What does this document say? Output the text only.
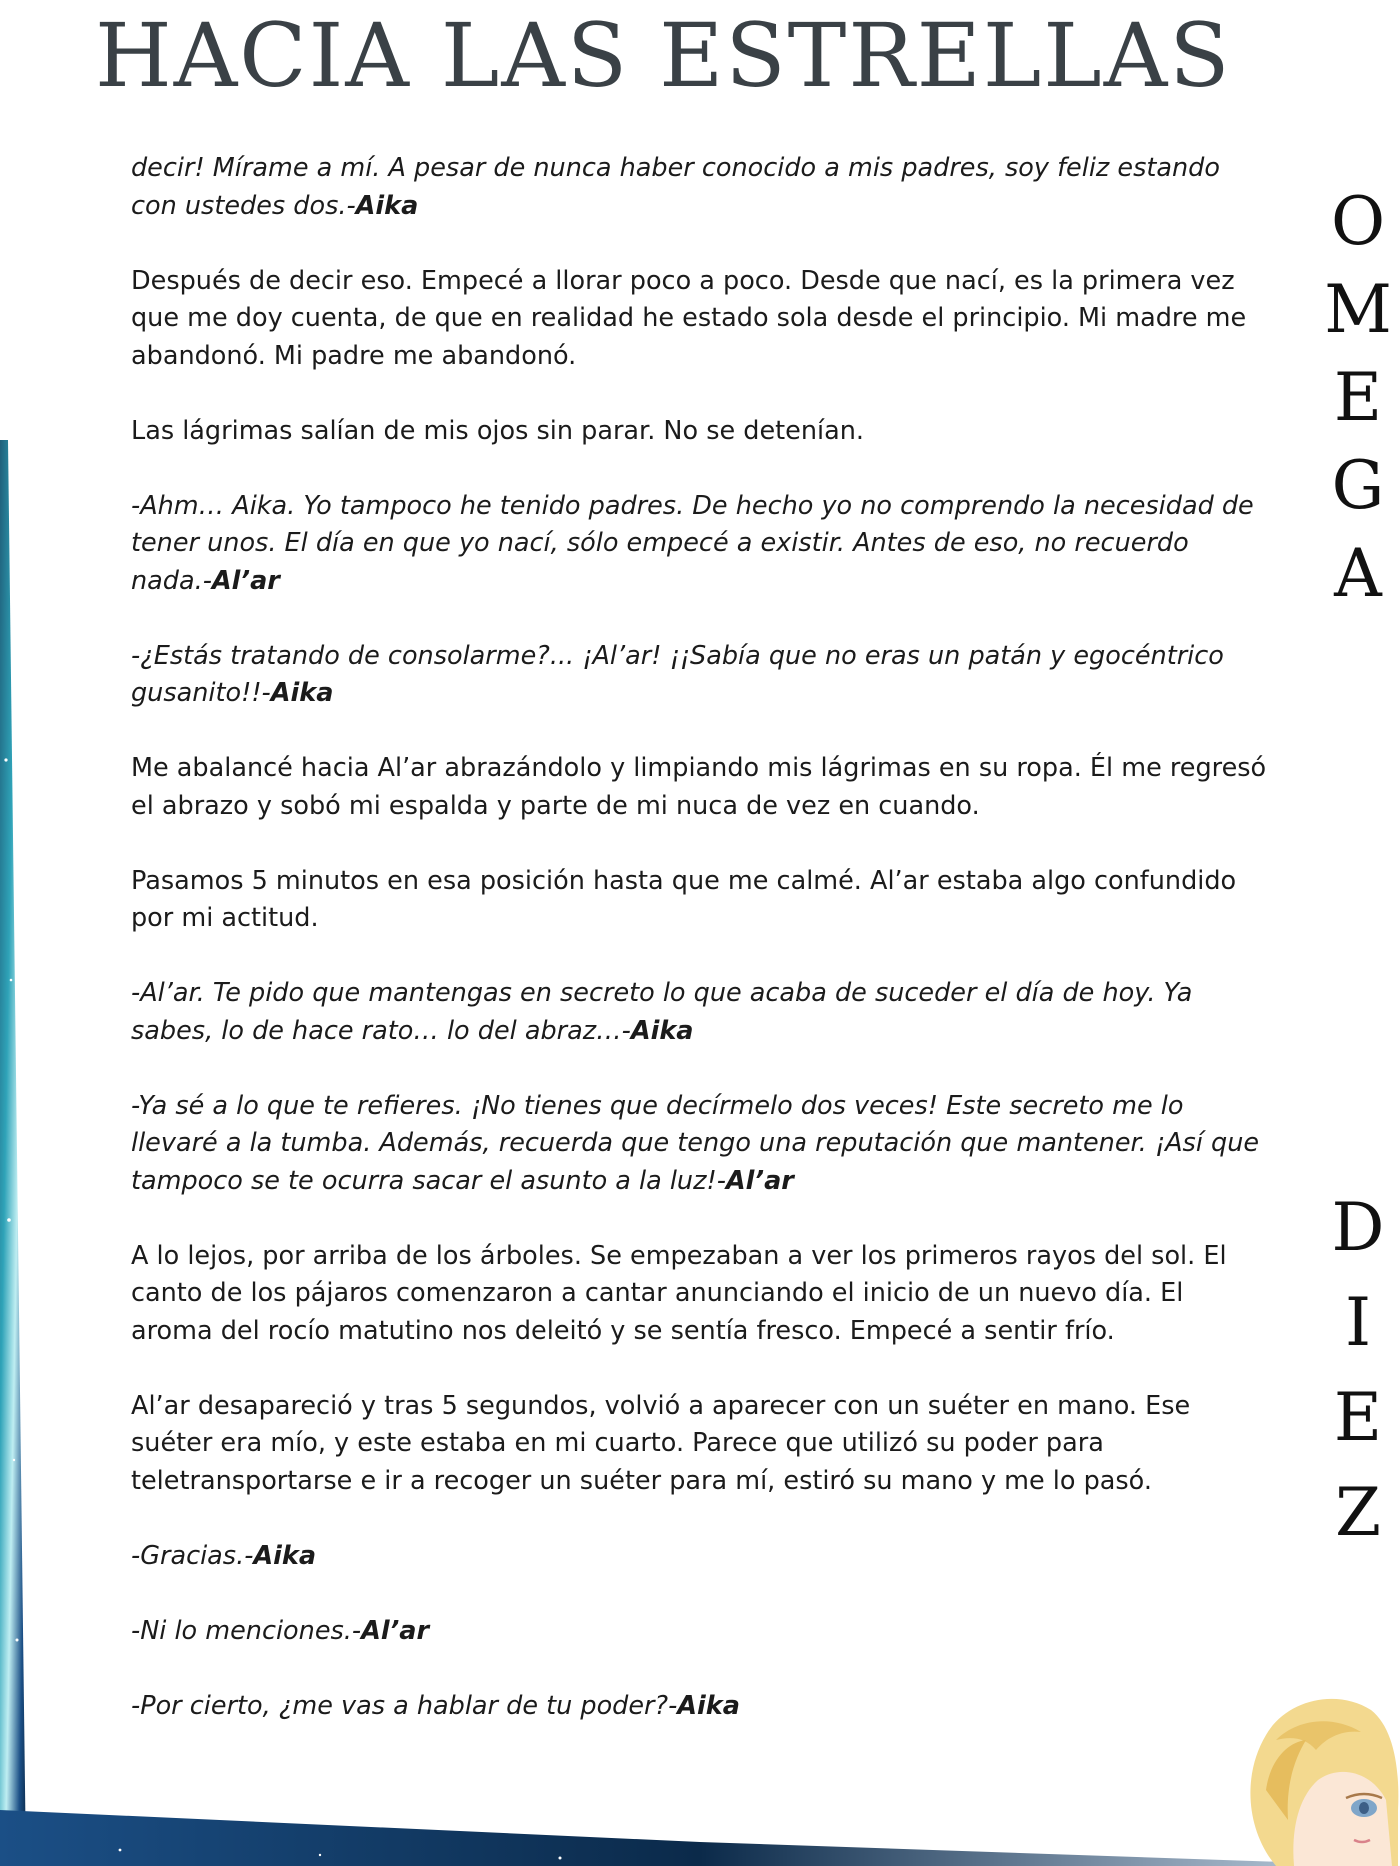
HACIA LAS ESTRELLAS

decir! Mírame a mí. A pesar de nunca haber conocido a mis padres, soy feliz estando con ustedes dos.-Aika

Después de decir eso. Empecé a llorar poco a poco. Desde que nací, es la primera vez que me doy cuenta, de que en realidad he estado sola desde el principio. Mi madre me abandonó. Mi padre me abandonó.

Las lágrimas salían de mis ojos sin parar. No se detenían.

-Ahm… Aika. Yo tampoco he tenido padres. De hecho yo no comprendo la necesidad de tener unos. El día en que yo nací, sólo empecé a existir. Antes de eso, no recuerdo nada.-Al’ar

-¿Estás tratando de consolarme?... ¡Al’ar! ¡¡Sabía que no eras un patán y egocéntrico gusanito!!-Aika

Me abalancé hacia Al’ar abrazándolo y limpiando mis lágrimas en su ropa. Él me regresó el abrazo y sobó mi espalda y parte de mi nuca de vez en cuando.

Pasamos 5 minutos en esa posición hasta que me calmé. Al’ar estaba algo confundido por mi actitud.

-Al’ar. Te pido que mantengas en secreto lo que acaba de suceder el día de hoy. Ya sabes, lo de hace rato… lo del abraz…-Aika

-Ya sé a lo que te refieres. ¡No tienes que decírmelo dos veces! Este secreto me lo llevaré a la tumba. Además, recuerda que tengo una reputación que mantener. ¡Así que tampoco se te ocurra sacar el asunto a la luz!-Al’ar

A lo lejos, por arriba de los árboles. Se empezaban a ver los primeros rayos del sol. El canto de los pájaros comenzaron a cantar anunciando el inicio de un nuevo día. El aroma del rocío matutino nos deleitó y se sentía fresco. Empecé a sentir frío.

Al’ar desapareció y tras 5 segundos, volvió a aparecer con un suéter en mano. Ese suéter era mío, y este estaba en mi cuarto. Parece que utilizó su poder para teletransportarse e ir a recoger un suéter para mí, estiró su mano y me lo pasó.

-Gracias.-Aika

-Ni lo menciones.-Al’ar

-Por cierto, ¿me vas a hablar de tu poder?-Aika

O
M
E
G
A
D
I
E
Z
